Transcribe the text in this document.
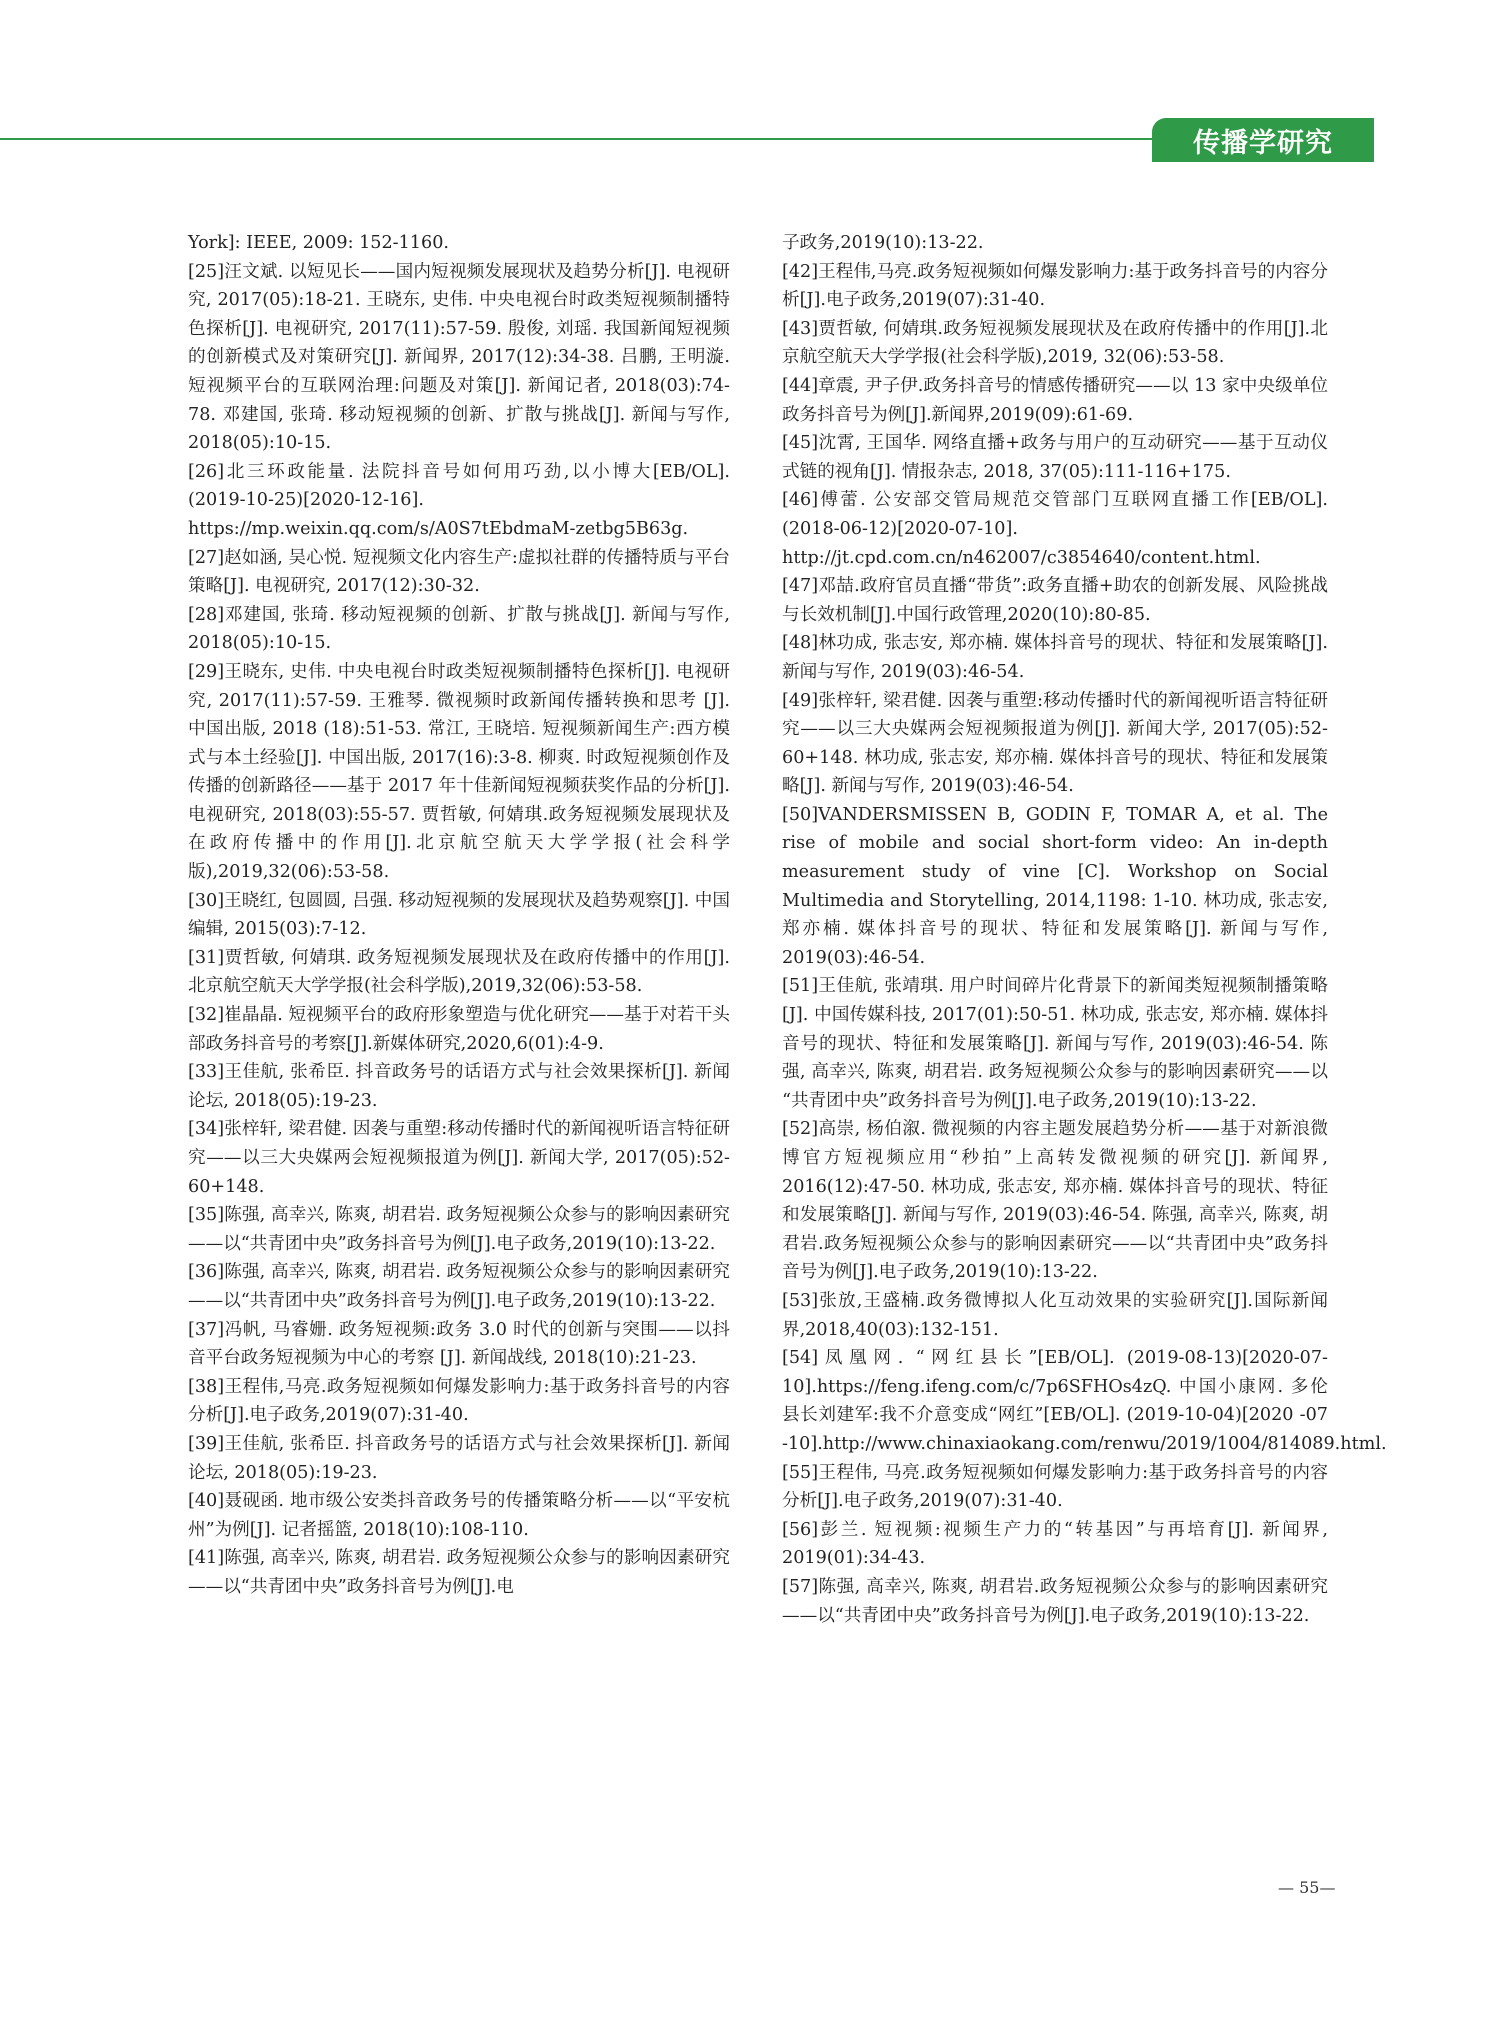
传播学研究

York]: IEEE, 2009: 152-1160.

[25]汪文斌. 以短见长——国内短视频发展现状及趋势分析[J]. 电视研究, 2017(05):18-21. 王晓东, 史伟. 中央电视台时政类短视频制播特色探析[J]. 电视研究, 2017(11):57-59. 殷俊, 刘瑶. 我国新闻短视频的创新模式及对策研究[J]. 新闻界, 2017(12):34-38. 吕鹏, 王明漩. 短视频平台的互联网治理:问题及对策[J]. 新闻记者, 2018(03):74-78. 邓建国, 张琦. 移动短视频的创新、扩散与挑战[J]. 新闻与写作, 2018(05):10-15.

[26]北三环政能量. 法院抖音号如何用巧劲,以小博大[EB/OL]. (2019-10-25)[2020-12-16]. https://mp.weixin.qq.com/s/A0S7tEbdmaM-zetbg5B63g.

[27]赵如涵, 吴心悦. 短视频文化内容生产:虚拟社群的传播特质与平台策略[J]. 电视研究, 2017(12):30-32.

[28]邓建国, 张琦. 移动短视频的创新、扩散与挑战[J]. 新闻与写作, 2018(05):10-15.

[29]王晓东, 史伟. 中央电视台时政类短视频制播特色探析[J]. 电视研究, 2017(11):57-59. 王雅琴. 微视频时政新闻传播转换和思考 [J]. 中国出版, 2018 (18):51-53. 常江, 王晓培. 短视频新闻生产:西方模式与本土经验[J]. 中国出版, 2017(16):3-8. 柳爽. 时政短视频创作及传播的创新路径——基于 2017 年十佳新闻短视频获奖作品的分析[J]. 电视研究, 2018(03):55-57. 贾哲敏, 何婧琪.政务短视频发展现状及在政府传播中的作用[J].北京航空航天大学学报(社会科学版),2019,32(06):53-58.

[30]王晓红, 包圆圆, 吕强. 移动短视频的发展现状及趋势观察[J]. 中国编辑, 2015(03):7-12.

[31]贾哲敏, 何婧琪. 政务短视频发展现状及在政府传播中的作用[J].北京航空航天大学学报(社会科学版),2019,32(06):53-58.

[32]崔晶晶. 短视频平台的政府形象塑造与优化研究——基于对若干头部政务抖音号的考察[J].新媒体研究,2020,6(01):4-9.

[33]王佳航, 张希臣. 抖音政务号的话语方式与社会效果探析[J]. 新闻论坛, 2018(05):19-23.

[34]张梓轩, 梁君健. 因袭与重塑:移动传播时代的新闻视听语言特征研究——以三大央媒两会短视频报道为例[J]. 新闻大学, 2017(05):52-60+148.

[35]陈强, 高幸兴, 陈爽, 胡君岩. 政务短视频公众参与的影响因素研究——以“共青团中央”政务抖音号为例[J].电子政务,2019(10):13-22.

[36]陈强, 高幸兴, 陈爽, 胡君岩. 政务短视频公众参与的影响因素研究——以“共青团中央”政务抖音号为例[J].电子政务,2019(10):13-22.

[37]冯帆, 马睿姗. 政务短视频:政务 3.0 时代的创新与突围——以抖音平台政务短视频为中心的考察 [J]. 新闻战线, 2018(10):21-23.

[38]王程伟,马亮.政务短视频如何爆发影响力:基于政务抖音号的内容分析[J].电子政务,2019(07):31-40.

[39]王佳航, 张希臣. 抖音政务号的话语方式与社会效果探析[J]. 新闻论坛, 2018(05):19-23.

[40]聂砚函. 地市级公安类抖音政务号的传播策略分析——以“平安杭州”为例[J]. 记者摇篮, 2018(10):108-110.

[41]陈强, 高幸兴, 陈爽, 胡君岩. 政务短视频公众参与的影响因素研究——以“共青团中央”政务抖音号为例[J].电

子政务,2019(10):13-22.

[42]王程伟,马亮.政务短视频如何爆发影响力:基于政务抖音号的内容分析[J].电子政务,2019(07):31-40.

[43]贾哲敏, 何婧琪.政务短视频发展现状及在政府传播中的作用[J].北京航空航天大学学报(社会科学版),2019, 32(06):53-58.

[44]章震, 尹子伊.政务抖音号的情感传播研究——以 13 家中央级单位政务抖音号为例[J].新闻界,2019(09):61-69.

[45]沈霄, 王国华. 网络直播+政务与用户的互动研究——基于互动仪式链的视角[J]. 情报杂志, 2018, 37(05):111-116+175.

[46]傅蕾. 公安部交管局规范交管部门互联网直播工作[EB/OL]. (2018-06-12)[2020-07-10]. http://jt.cpd.com.cn/n462007/c3854640/content.html.

[47]邓喆.政府官员直播“带货”:政务直播+助农的创新发展、风险挑战与长效机制[J].中国行政管理,2020(10):80-85.

[48]林功成, 张志安, 郑亦楠. 媒体抖音号的现状、特征和发展策略[J]. 新闻与写作, 2019(03):46-54.

[49]张梓轩, 梁君健. 因袭与重塑:移动传播时代的新闻视听语言特征研究——以三大央媒两会短视频报道为例[J]. 新闻大学, 2017(05):52-60+148. 林功成, 张志安, 郑亦楠. 媒体抖音号的现状、特征和发展策略[J]. 新闻与写作, 2019(03):46-54.

[50]VANDERSMISSEN B, GODIN F, TOMAR A, et al. The rise of mobile and social short-form video: An in-depth measurement study of vine [C]. Workshop on Social Multimedia and Storytelling, 2014,1198: 1-10. 林功成, 张志安,郑亦楠. 媒体抖音号的现状、特征和发展策略[J]. 新闻与写作, 2019(03):46-54.

[51]王佳航, 张靖琪. 用户时间碎片化背景下的新闻类短视频制播策略[J]. 中国传媒科技, 2017(01):50-51. 林功成, 张志安, 郑亦楠. 媒体抖音号的现状、特征和发展策略[J]. 新闻与写作, 2019(03):46-54. 陈强, 高幸兴, 陈爽, 胡君岩. 政务短视频公众参与的影响因素研究——以 “共青团中央”政务抖音号为例[J].电子政务,2019(10):13-22.

[52]高崇, 杨伯溆. 微视频的内容主题发展趋势分析——基于对新浪微博官方短视频应用“秒拍”上高转发微视频的研究[J]. 新闻界, 2016(12):47-50. 林功成, 张志安, 郑亦楠. 媒体抖音号的现状、特征和发展策略[J]. 新闻与写作, 2019(03):46-54. 陈强, 高幸兴, 陈爽, 胡君岩.政务短视频公众参与的影响因素研究——以“共青团中央”政务抖音号为例[J].电子政务,2019(10):13-22.

[53]张放,王盛楠.政务微博拟人化互动效果的实验研究[J].国际新闻界,2018,40(03):132-151.

[54]凤凰网. “网红县长”[EB/OL]. (2019-08-13)[2020-07-10].https://feng.ifeng.com/c/7p6SFHOs4zQ. 中国小康网. 多伦县长刘建军:我不介意变成“网红”[EB/OL]. (2019-10-04)[2020 -07 -10].http://www.chinaxiaokang.com/renwu/2019/1004/814089.html.

[55]王程伟, 马亮.政务短视频如何爆发影响力:基于政务抖音号的内容分析[J].电子政务,2019(07):31-40.

[56]彭兰. 短视频:视频生产力的“转基因”与再培育[J]. 新闻界, 2019(01):34-43.

[57]陈强, 高幸兴, 陈爽, 胡君岩.政务短视频公众参与的影响因素研究——以“共青团中央”政务抖音号为例[J].电子政务,2019(10):13-22.

— 55—
